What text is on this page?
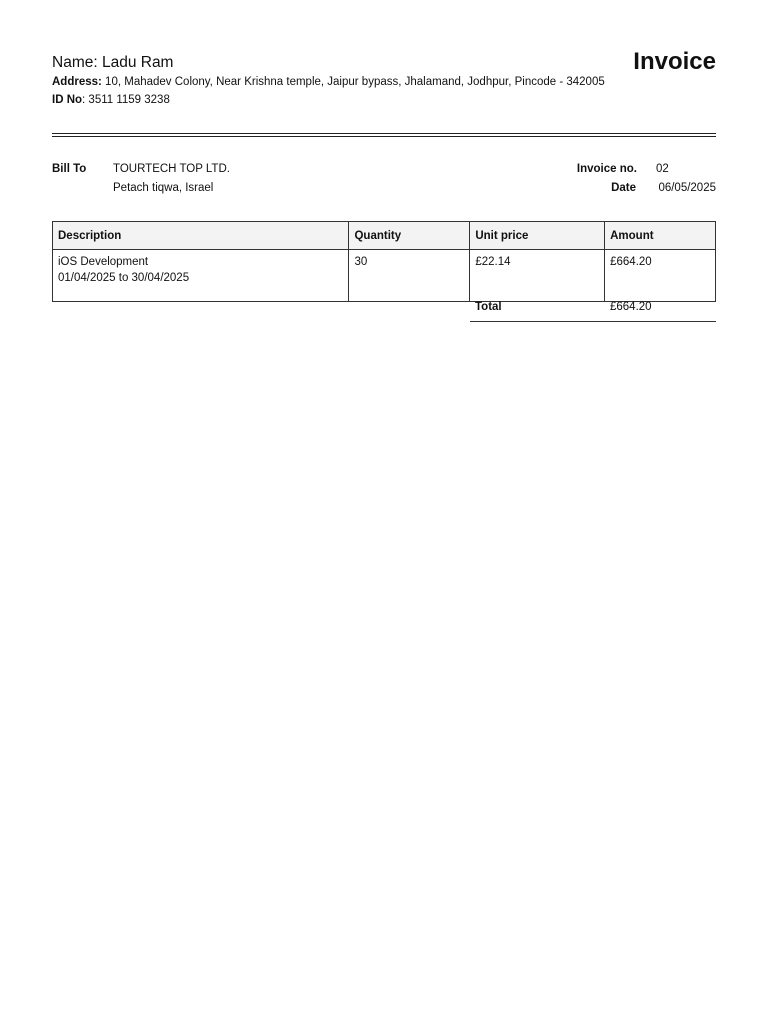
Name: Ladu Ram	Invoice
Address: 10, Mahadev Colony, Near Krishna temple, Jaipur bypass, Jhalamand, Jodhpur, Pincode - 342005
ID No: 3511 1159 3238
Bill To TOURTECH TOP LTD.
Petach tiqwa, Israel
Invoice no. 02
Date 06/05/2025
Description	Quantity	Unit price	Amount
iOS Development
01/04/2025 to 30/04/2025	30	£22.14	£664.20
Total	£664.20
